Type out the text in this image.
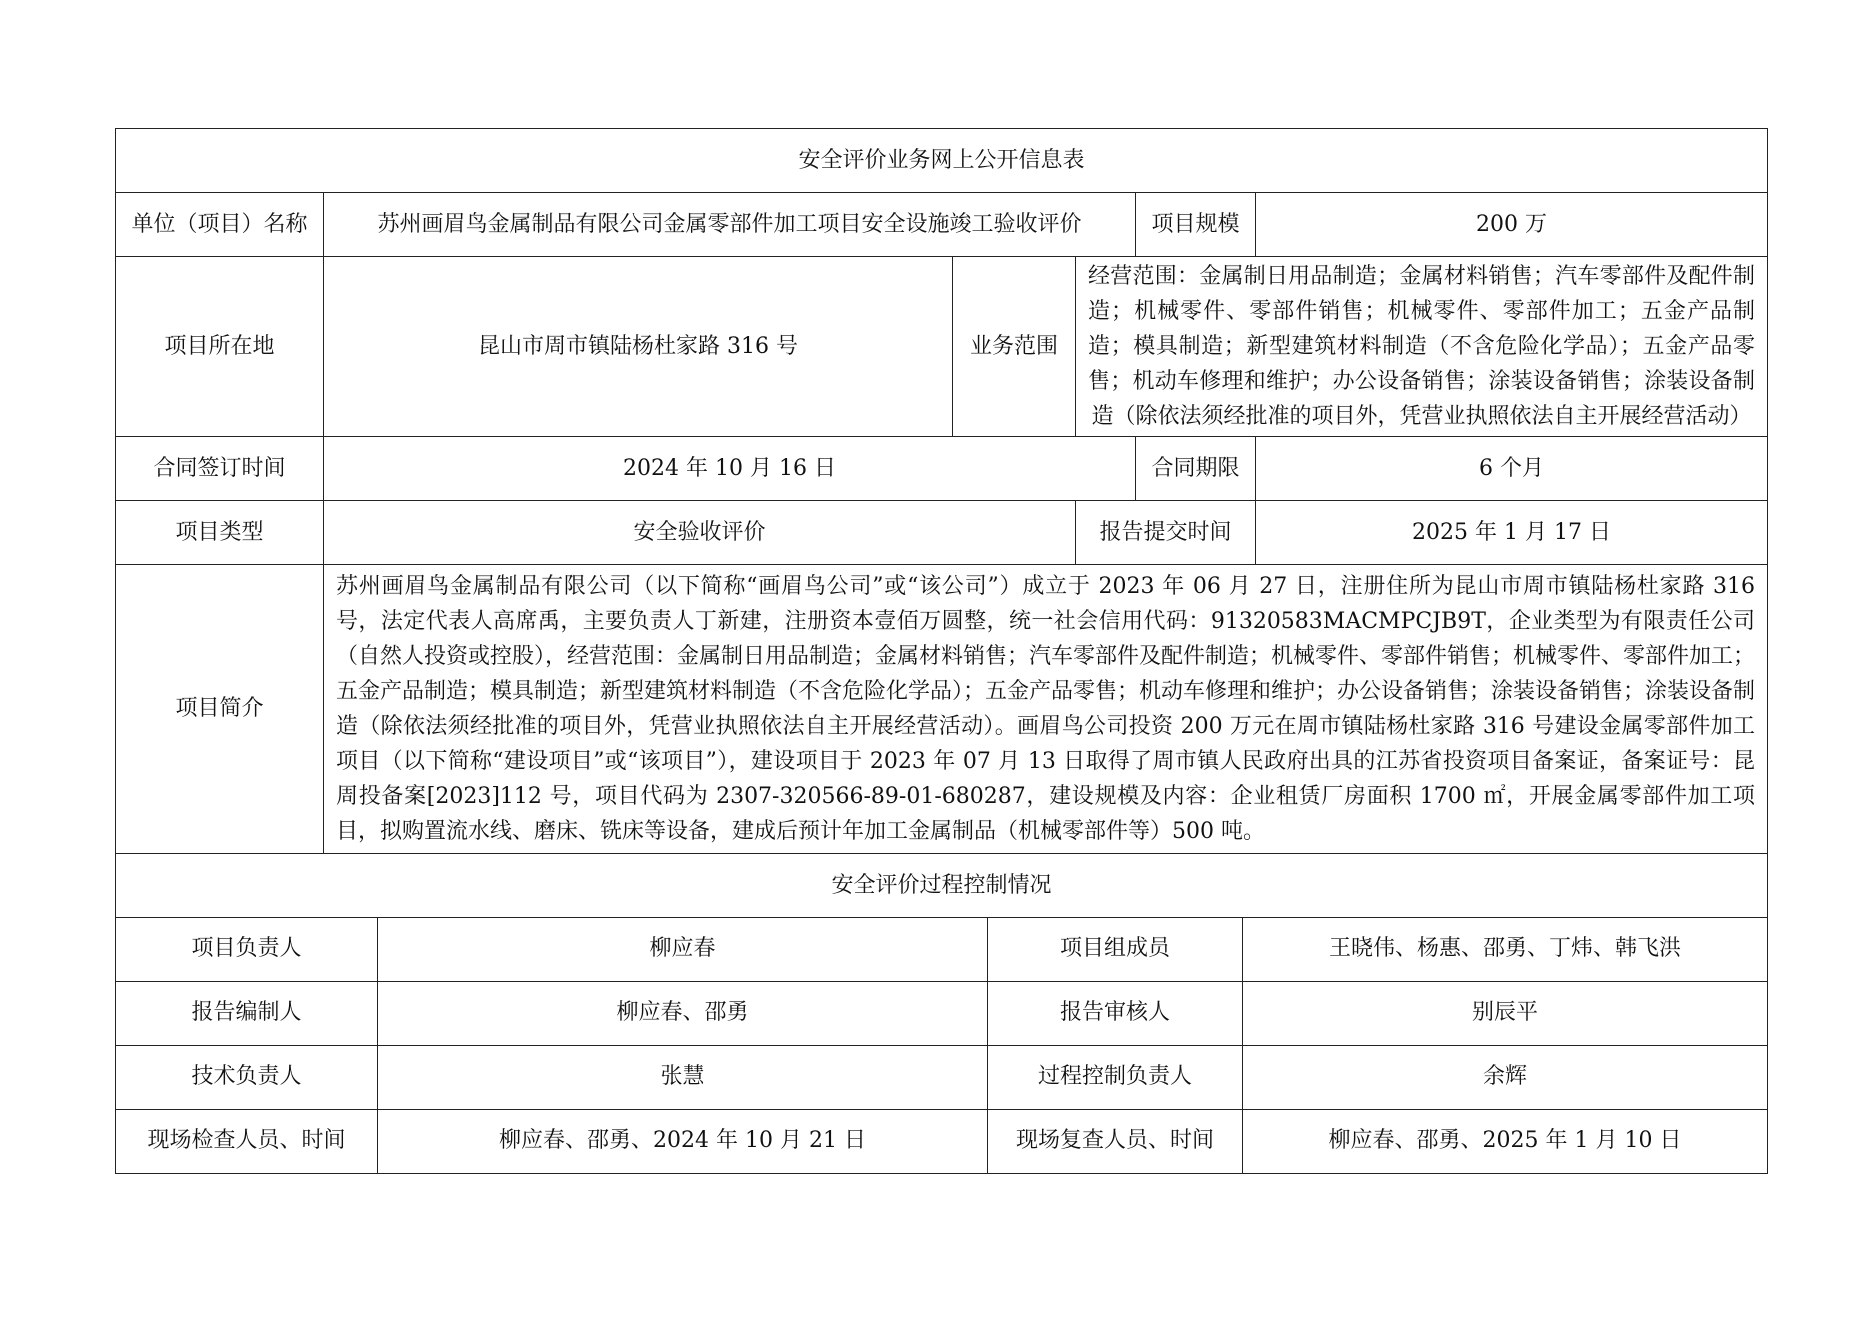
安全评价业务网上公开信息表					
单位（项目）名称	苏州画眉鸟金属制品有限公司金属零部件加工项目安全设施竣工验收评价			项目规模	200 万
项目所在地	昆山市周市镇陆杨杜家路 316 号	业务范围	经营范围：金属制日用品制造；金属材料销售；汽车零部件及配件制造；机械零件、零部件销售；机械零件、零部件加工；五金产品制造；模具制造；新型建筑材料制造（不含危险化学品）；五金产品零售；机动车修理和维护；办公设备销售；涂装设备销售；涂装设备制造（除依法须经批准的项目外，凭营业执照依法自主开展经营活动）		
合同签订时间	2024 年 10 月 16 日			合同期限	6 个月
项目类型	安全验收评价		报告提交时间		2025 年 1 月 17 日
项目简介	苏州画眉鸟金属制品有限公司（以下简称“画眉鸟公司”或“该公司”）成立于 2023 年 06 月 27 日，注册住所为昆山市周市镇陆杨杜家路 316 号，法定代表人高席禹，主要负责人丁新建，注册资本壹佰万圆整，统一社会信用代码：91320583MACMPCJB9T，企业类型为有限责任公司（自然人投资或控股），经营范围：金属制日用品制造；金属材料销售；汽车零部件及配件制造；机械零件、零部件销售；机械零件、零部件加工；五金产品制造；模具制造；新型建筑材料制造（不含危险化学品）；五金产品零售；机动车修理和维护；办公设备销售；涂装设备销售；涂装设备制造（除依法须经批准的项目外，凭营业执照依法自主开展经营活动）。画眉鸟公司投资 200 万元在周市镇陆杨杜家路 316 号建设金属零部件加工项目（以下简称“建设项目”或“该项目”），建设项目于 2023 年 07 月 13 日取得了周市镇人民政府出具的江苏省投资项目备案证，备案证号：昆周投备案[2023]112 号，项目代码为 2307-320566-89-01-680287，建设规模及内容：企业租赁厂房面积 1700 ㎡，开展金属零部件加工项目，拟购置流水线、磨床、铣床等设备，建成后预计年加工金属制品（机械零部件等）500 吨。				
安全评价过程控制情况					
项目负责人	柳应春	项目组成员	王晓伟、杨惠、邵勇、丁炜、韩飞洪
报告编制人	柳应春、邵勇	报告审核人	别辰平
技术负责人	张慧	过程控制负责人	余辉
现场检查人员、时间	柳应春、邵勇、2024 年 10 月 21 日	现场复查人员、时间	柳应春、邵勇、2025 年 1 月 10 日
